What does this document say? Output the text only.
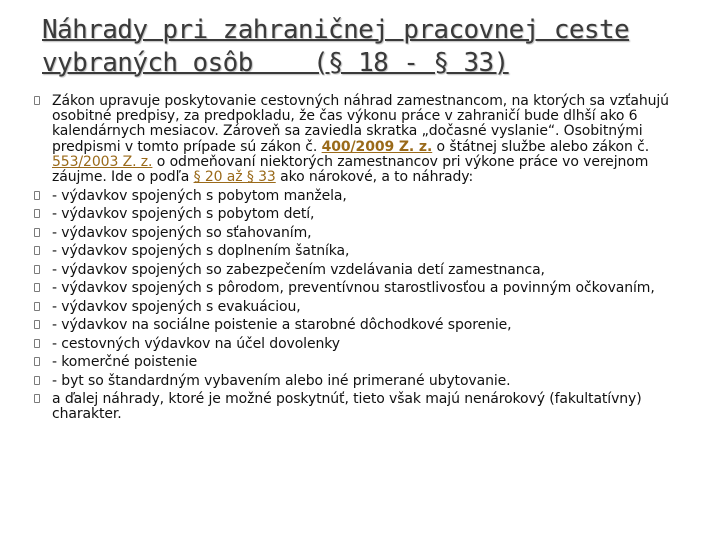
Náhrady pri zahraničnej pracovnej ceste
vybraných osôb    (§ 18 - § 33)
Zákon upravuje poskytovanie cestovných náhrad zamestnancom, na ktorých sa vzťahujú osobitné predpisy, za predpokladu, že čas výkonu práce v zahraničí bude dlhší ako 6 kalendárnych mesiacov. Zároveň sa zaviedla skratka „dočasné vyslanie“. Osobitnými predpismi v tomto prípade sú zákon č. 400/2009 Z. z. o štátnej službe alebo zákon č. 553/2003 Z. z. o odmeňovaní niektorých zamestnancov pri výkone práce vo verejnom záujme. Ide o podľa § 20 až § 33 ako nárokové, a to náhrady:
- výdavkov spojených s pobytom manžela,
- výdavkov spojených s pobytom detí,
- výdavkov spojených so sťahovaním,
- výdavkov spojených s doplnením šatníka,
- výdavkov spojených so zabezpečením vzdelávania detí zamestnanca,
- výdavkov spojených s pôrodom, preventívnou starostlivosťou a povinným očkovaním,
- výdavkov spojených s evakuáciou,
- výdavkov na sociálne poistenie a starobné dôchodkové sporenie,
- cestovných výdavkov na účel dovolenky
- komerčné poistenie
- byt so štandardným vybavením alebo iné primerané ubytovanie.
a ďalej náhrady, ktoré je možné poskytnúť, tieto však majú nenárokový (fakultatívny) charakter.
